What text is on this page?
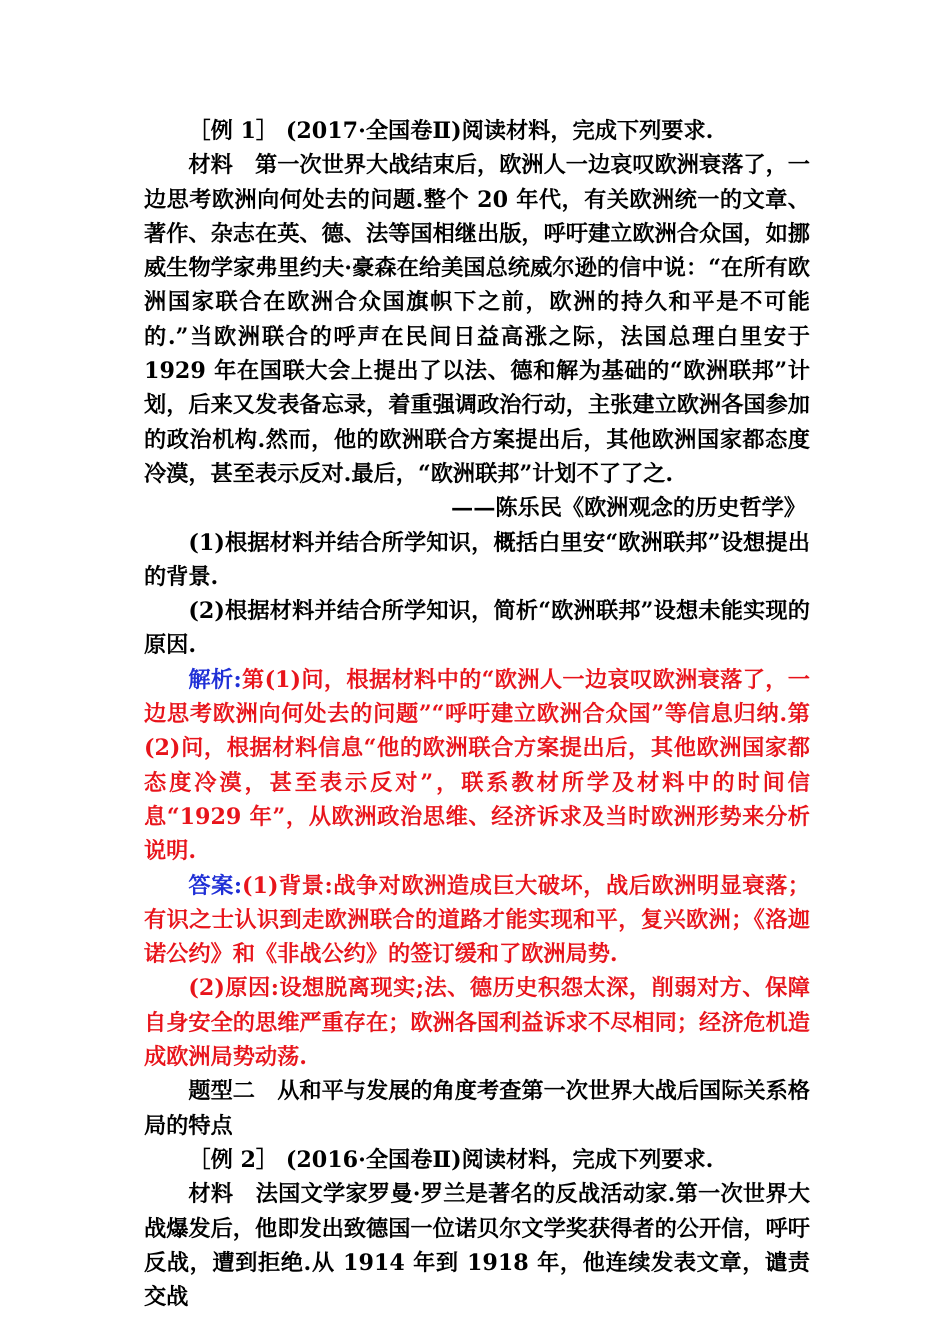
［例 1］ (2017·全国卷Ⅱ)阅读材料，完成下列要求.

材料　第一次世界大战结束后，欧洲人一边哀叹欧洲衰落了，一边思考欧洲向何处去的问题.整个 20 年代，有关欧洲统一的文章、著作、杂志在英、德、法等国相继出版，呼吁建立欧洲合众国，如挪威生物学家弗里约夫·豪森在给美国总统威尔逊的信中说：“在所有欧洲国家联合在欧洲合众国旗帜下之前，欧洲的持久和平是不可能的.”当欧洲联合的呼声在民间日益高涨之际，法国总理白里安于 1929 年在国联大会上提出了以法、德和解为基础的“欧洲联邦”计划，后来又发表备忘录，着重强调政治行动，主张建立欧洲各国参加的政治机构.然而，他的欧洲联合方案提出后，其他欧洲国家都态度冷漠，甚至表示反对.最后，“欧洲联邦”计划不了了之.

——陈乐民《欧洲观念的历史哲学》

(1)根据材料并结合所学知识，概括白里安“欧洲联邦”设想提出的背景.

(2)根据材料并结合所学知识，简析“欧洲联邦”设想未能实现的原因.

解析:第(1)问，根据材料中的“欧洲人一边哀叹欧洲衰落了，一边思考欧洲向何处去的问题”“呼吁建立欧洲合众国”等信息归纳.第(2)问，根据材料信息“他的欧洲联合方案提出后，其他欧洲国家都态度冷漠，甚至表示反对”，联系教材所学及材料中的时间信息“1929 年”，从欧洲政治思维、经济诉求及当时欧洲形势来分析说明.

答案:(1)背景:战争对欧洲造成巨大破坏，战后欧洲明显衰落；有识之士认识到走欧洲联合的道路才能实现和平，复兴欧洲；《洛迦诺公约》和《非战公约》的签订缓和了欧洲局势.

(2)原因:设想脱离现实;法、德历史积怨太深，削弱对方、保障自身安全的思维严重存在；欧洲各国利益诉求不尽相同；经济危机造成欧洲局势动荡.

题型二　从和平与发展的角度考查第一次世界大战后国际关系格局的特点

［例 2］ (2016·全国卷Ⅱ)阅读材料，完成下列要求.

材料　法国文学家罗曼·罗兰是著名的反战活动家.第一次世界大战爆发后，他即发出致德国一位诺贝尔文学奖获得者的公开信，呼吁反战，遭到拒绝.从 1914 年到 1918 年，他连续发表文章，谴责交战
